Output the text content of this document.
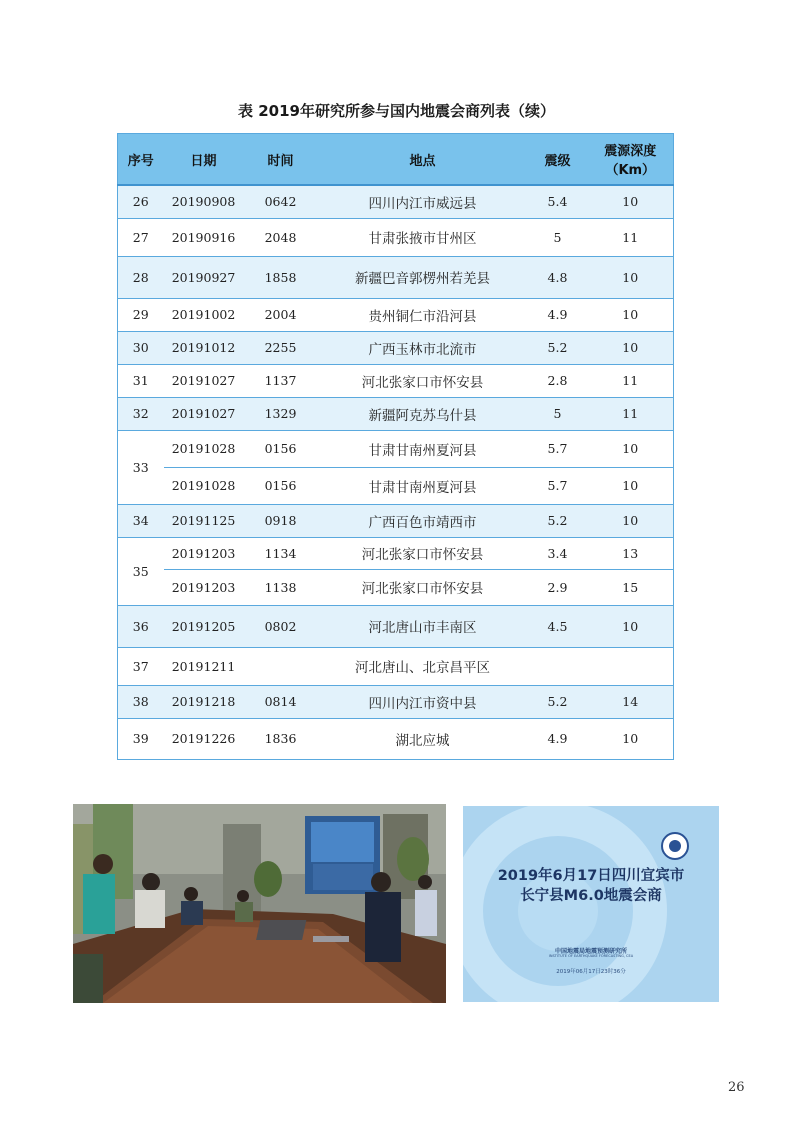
表 2019年研究所参与国内地震会商列表（续）
序号	日期	时间	地点	震级	震源深度（Km）
26	20190908	0642	四川内江市威远县	5.4	10
27	20190916	2048	甘肃张掖市甘州区	5	11
28	20190927	1858	新疆巴音郭楞州若羌县	4.8	10
29	20191002	2004	贵州铜仁市沿河县	4.9	10
30	20191012	2255	广西玉林市北流市	5.2	10
31	20191027	1137	河北张家口市怀安县	2.8	11
32	20191027	1329	新疆阿克苏乌什县	5	11
33	20191028	0156	甘肃甘南州夏河县	5.7	10
	20191028	0156	甘肃甘南州夏河县	5.7	10
34	20191125	0918	广西百色市靖西市	5.2	10
35	20191203	1134	河北张家口市怀安县	3.4	13
	20191203	1138	河北张家口市怀安县	2.9	15
36	20191205	0802	河北唐山市丰南区	4.5	10
37	20191211		河北唐山、北京昌平区		
38	20191218	0814	四川内江市资中县	5.2	14
39	20191226	1836	湖北应城	4.9	10
2019年6月17日四川宜宾市
长宁县M6.0地震会商
中国地震局地震预测研究所
INSTITUTE OF EARTHQUAKE FORECASTING, CEA
2019年06月17日23时36分
26
